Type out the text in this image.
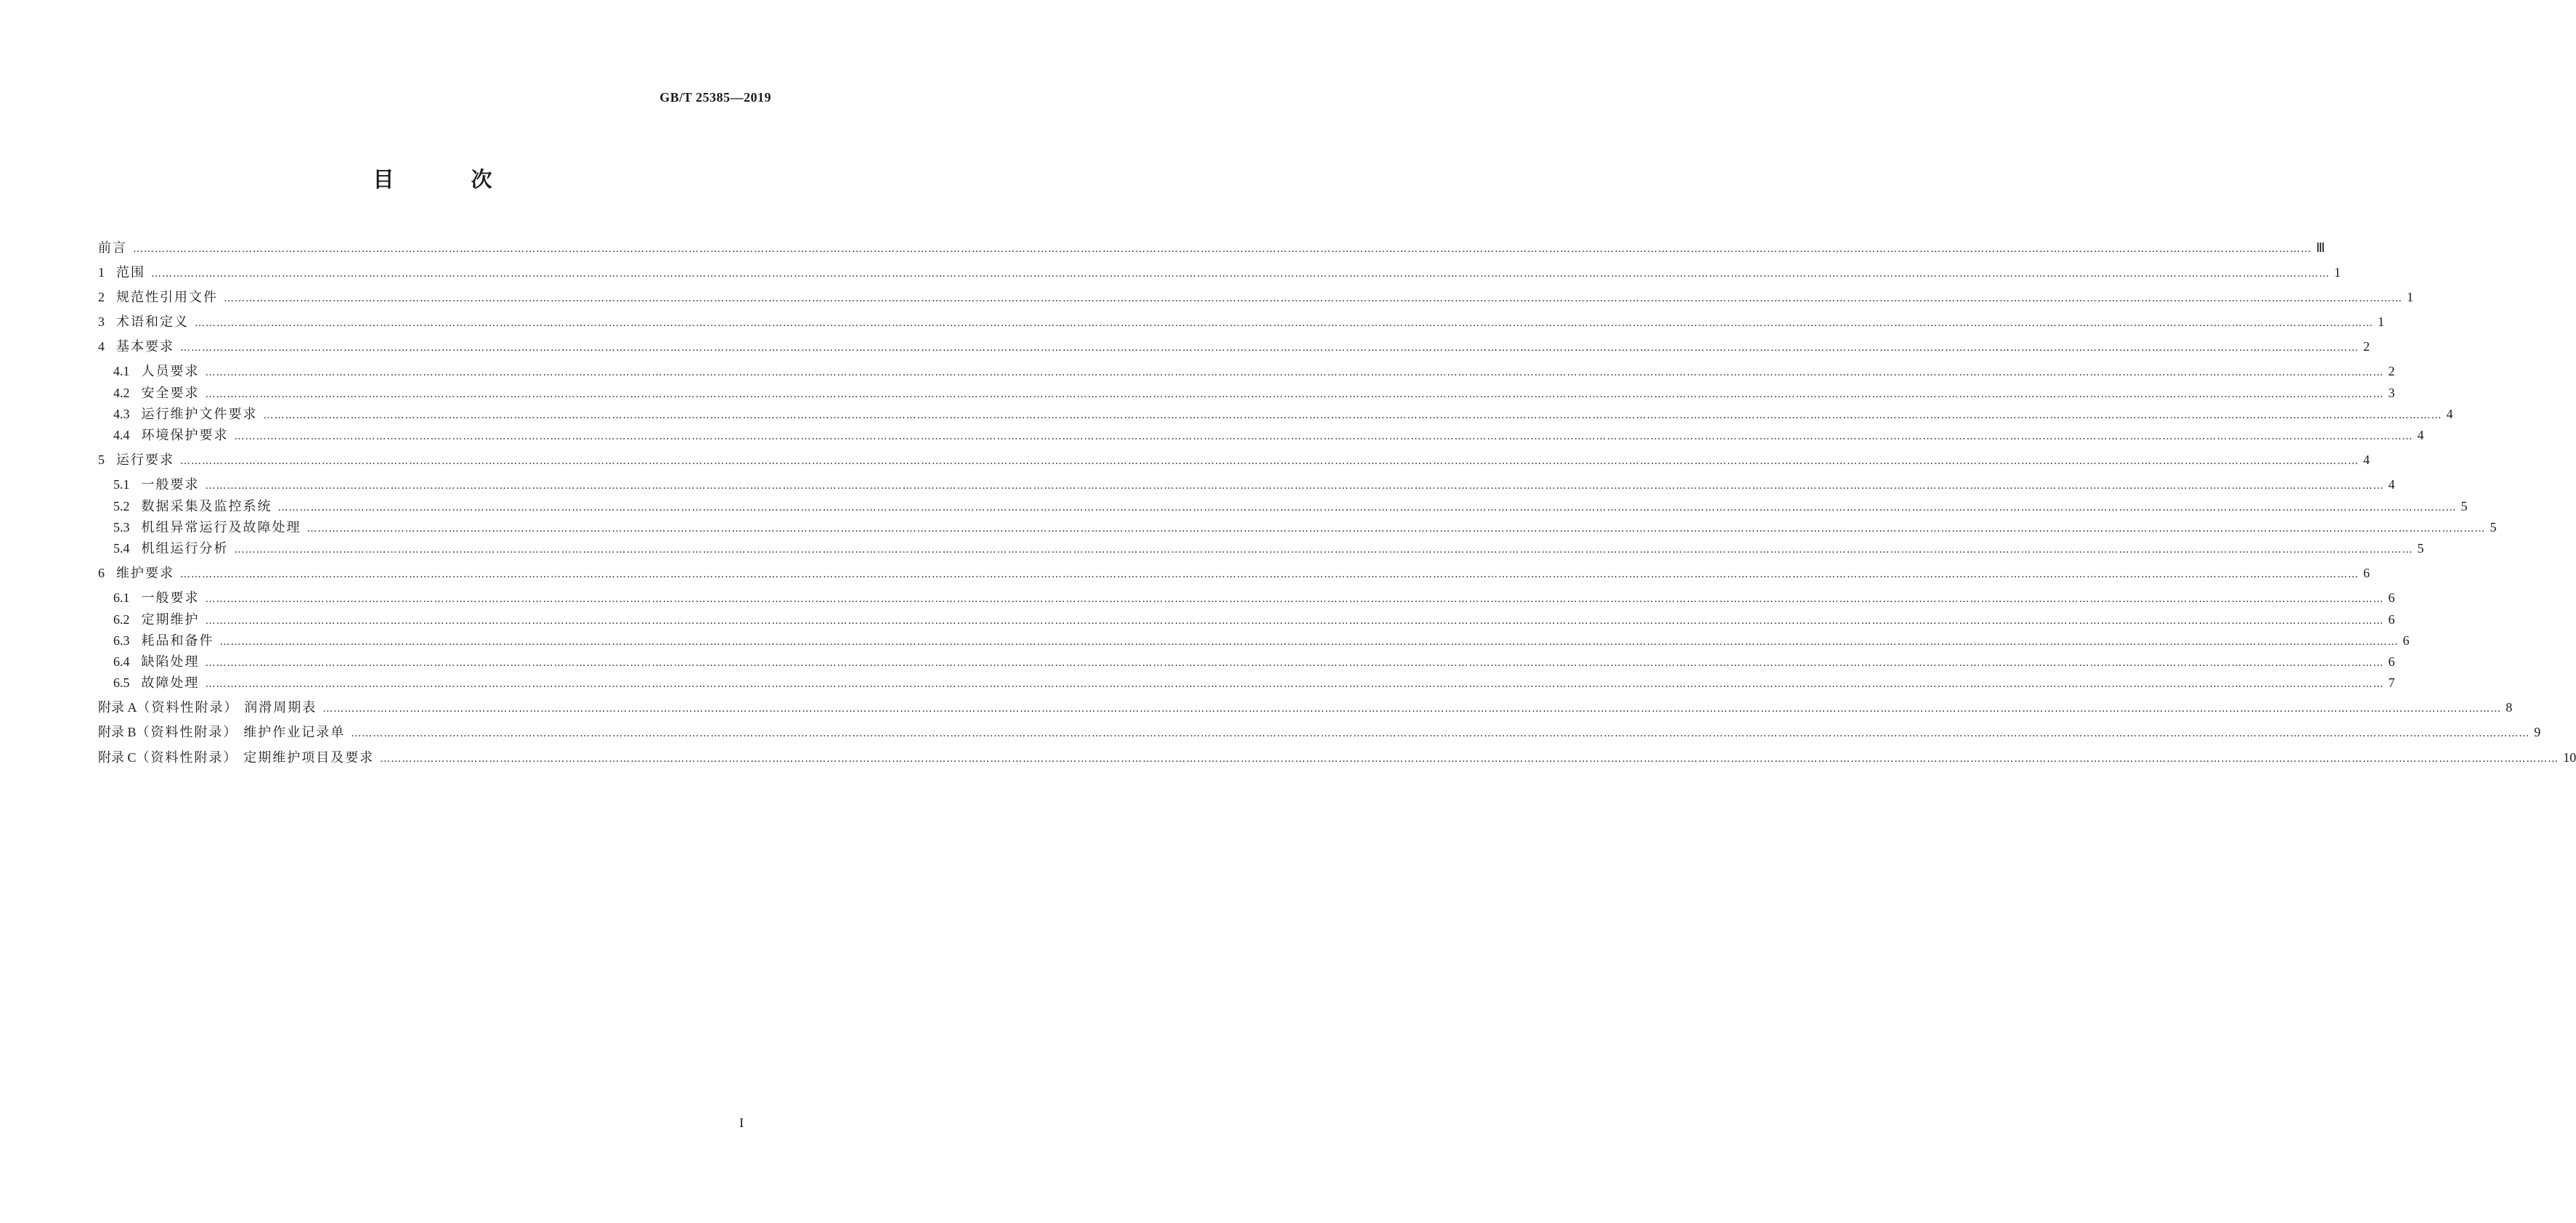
GB/T 25385—2019
目 次
前言 …………………………………………………………………………………………………………………………………………………………………………………………………………………………………………………………………………………………………………………………………………………………………………………………………………………………………………………………………………………………………………………………………………………… Ⅲ
1 范围 …………………………………………………………………………………………………………………………………………………………………………………………………………………………………………………………………………………………………………………………………………………………………………………………………………………………………………………………………………………………………………………………………………………… 1
2 规范性引用文件 …………………………………………………………………………………………………………………………………………………………………………………………………………………………………………………………………………………………………………………………………………………………………………………………………………………………………………………………………………………………………………………………………………………… 1
3 术语和定义 …………………………………………………………………………………………………………………………………………………………………………………………………………………………………………………………………………………………………………………………………………………………………………………………………………………………………………………………………………………………………………………………………………………… 1
4 基本要求 …………………………………………………………………………………………………………………………………………………………………………………………………………………………………………………………………………………………………………………………………………………………………………………………………………………………………………………………………………………………………………………………………………………… 2
4.1 人员要求 …………………………………………………………………………………………………………………………………………………………………………………………………………………………………………………………………………………………………………………………………………………………………………………………………………………………………………………………………………………………………………………………………………………… 2
4.2 安全要求 …………………………………………………………………………………………………………………………………………………………………………………………………………………………………………………………………………………………………………………………………………………………………………………………………………………………………………………………………………………………………………………………………………………… 3
4.3 运行维护文件要求 …………………………………………………………………………………………………………………………………………………………………………………………………………………………………………………………………………………………………………………………………………………………………………………………………………………………………………………………………………………………………………………………………………………… 4
4.4 环境保护要求 …………………………………………………………………………………………………………………………………………………………………………………………………………………………………………………………………………………………………………………………………………………………………………………………………………………………………………………………………………………………………………………………………………………… 4
5 运行要求 …………………………………………………………………………………………………………………………………………………………………………………………………………………………………………………………………………………………………………………………………………………………………………………………………………………………………………………………………………………………………………………………………………………… 4
5.1 一般要求 …………………………………………………………………………………………………………………………………………………………………………………………………………………………………………………………………………………………………………………………………………………………………………………………………………………………………………………………………………………………………………………………………………………… 4
5.2 数据采集及监控系统 …………………………………………………………………………………………………………………………………………………………………………………………………………………………………………………………………………………………………………………………………………………………………………………………………………………………………………………………………………………………………………………………………………………… 5
5.3 机组异常运行及故障处理 …………………………………………………………………………………………………………………………………………………………………………………………………………………………………………………………………………………………………………………………………………………………………………………………………………………………………………………………………………………………………………………………………………………… 5
5.4 机组运行分析 …………………………………………………………………………………………………………………………………………………………………………………………………………………………………………………………………………………………………………………………………………………………………………………………………………………………………………………………………………………………………………………………………………………… 5
6 维护要求 …………………………………………………………………………………………………………………………………………………………………………………………………………………………………………………………………………………………………………………………………………………………………………………………………………………………………………………………………………………………………………………………………………………… 6
6.1 一般要求 …………………………………………………………………………………………………………………………………………………………………………………………………………………………………………………………………………………………………………………………………………………………………………………………………………………………………………………………………………………………………………………………………………………… 6
6.2 定期维护 …………………………………………………………………………………………………………………………………………………………………………………………………………………………………………………………………………………………………………………………………………………………………………………………………………………………………………………………………………………………………………………………………………………… 6
6.3 耗品和备件 …………………………………………………………………………………………………………………………………………………………………………………………………………………………………………………………………………………………………………………………………………………………………………………………………………………………………………………………………………………………………………………………………………………… 6
6.4 缺陷处理 …………………………………………………………………………………………………………………………………………………………………………………………………………………………………………………………………………………………………………………………………………………………………………………………………………………………………………………………………………………………………………………………………………………… 6
6.5 故障处理 …………………………………………………………………………………………………………………………………………………………………………………………………………………………………………………………………………………………………………………………………………………………………………………………………………………………………………………………………………………………………………………………………………………… 7
附录 A （资料性附录） 润滑周期表 …………………………………………………………………………………………………………………………………………………………………………………………………………………………………………………………………………………………………………………………………………………………………………………………………………………………………………………………………………………………………………………………………………………… 8
附录 B （资料性附录） 维护作业记录单 …………………………………………………………………………………………………………………………………………………………………………………………………………………………………………………………………………………………………………………………………………………………………………………………………………………………………………………………………………………………………………………………………………………… 9
附录 C （资料性附录） 定期维护项目及要求 …………………………………………………………………………………………………………………………………………………………………………………………………………………………………………………………………………………………………………………………………………………………………………………………………………………………………………………………………………………………………………………………………………………… 10
I
